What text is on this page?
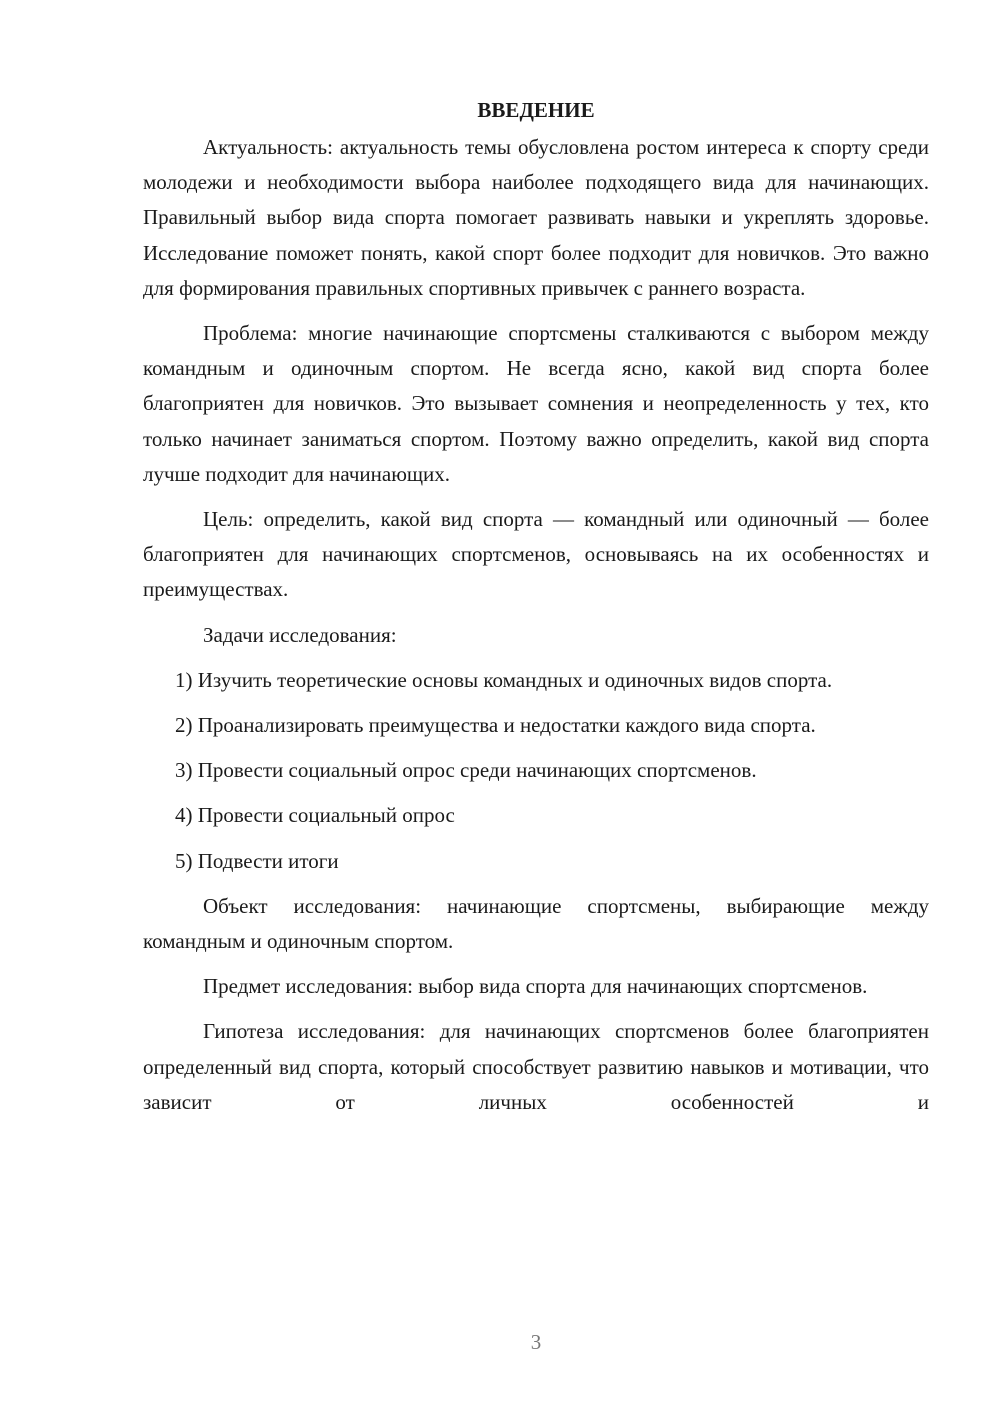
ВВЕДЕНИЕ

Актуальность: актуальность темы обусловлена ростом интереса к спорту среди молодежи и необходимости выбора наиболее подходящего вида для начинающих. Правильный выбор вида спорта помогает развивать навыки и укреплять здоровье. Исследование поможет понять, какой спорт более подходит для новичков. Это важно для формирования правильных спортивных привычек с раннего возраста.

Проблема: многие начинающие спортсмены сталкиваются с выбором между командным и одиночным спортом. Не всегда ясно, какой вид спорта более благоприятен для новичков. Это вызывает сомнения и неопределенность у тех, кто только начинает заниматься спортом. Поэтому важно определить, какой вид спорта лучше подходит для начинающих.

Цель: определить, какой вид спорта — командный или одиночный — более благоприятен для начинающих спортсменов, основываясь на их особенностях и преимуществах.

Задачи исследования:

1) Изучить теоретические основы командных и одиночных видов спорта.

2) Проанализировать преимущества и недостатки каждого вида спорта.

3) Провести социальный опрос среди начинающих спортсменов.

4) Провести социальный опрос

5) Подвести итоги

Объект исследования: начинающие спортсмены, выбирающие между командным и одиночным спортом.

Предмет исследования: выбор вида спорта для начинающих спортсменов.

Гипотеза исследования: для начинающих спортсменов более благоприятен определенный вид спорта, который способствует развитию навыков и мотивации, что зависит от личных особенностей и

3
